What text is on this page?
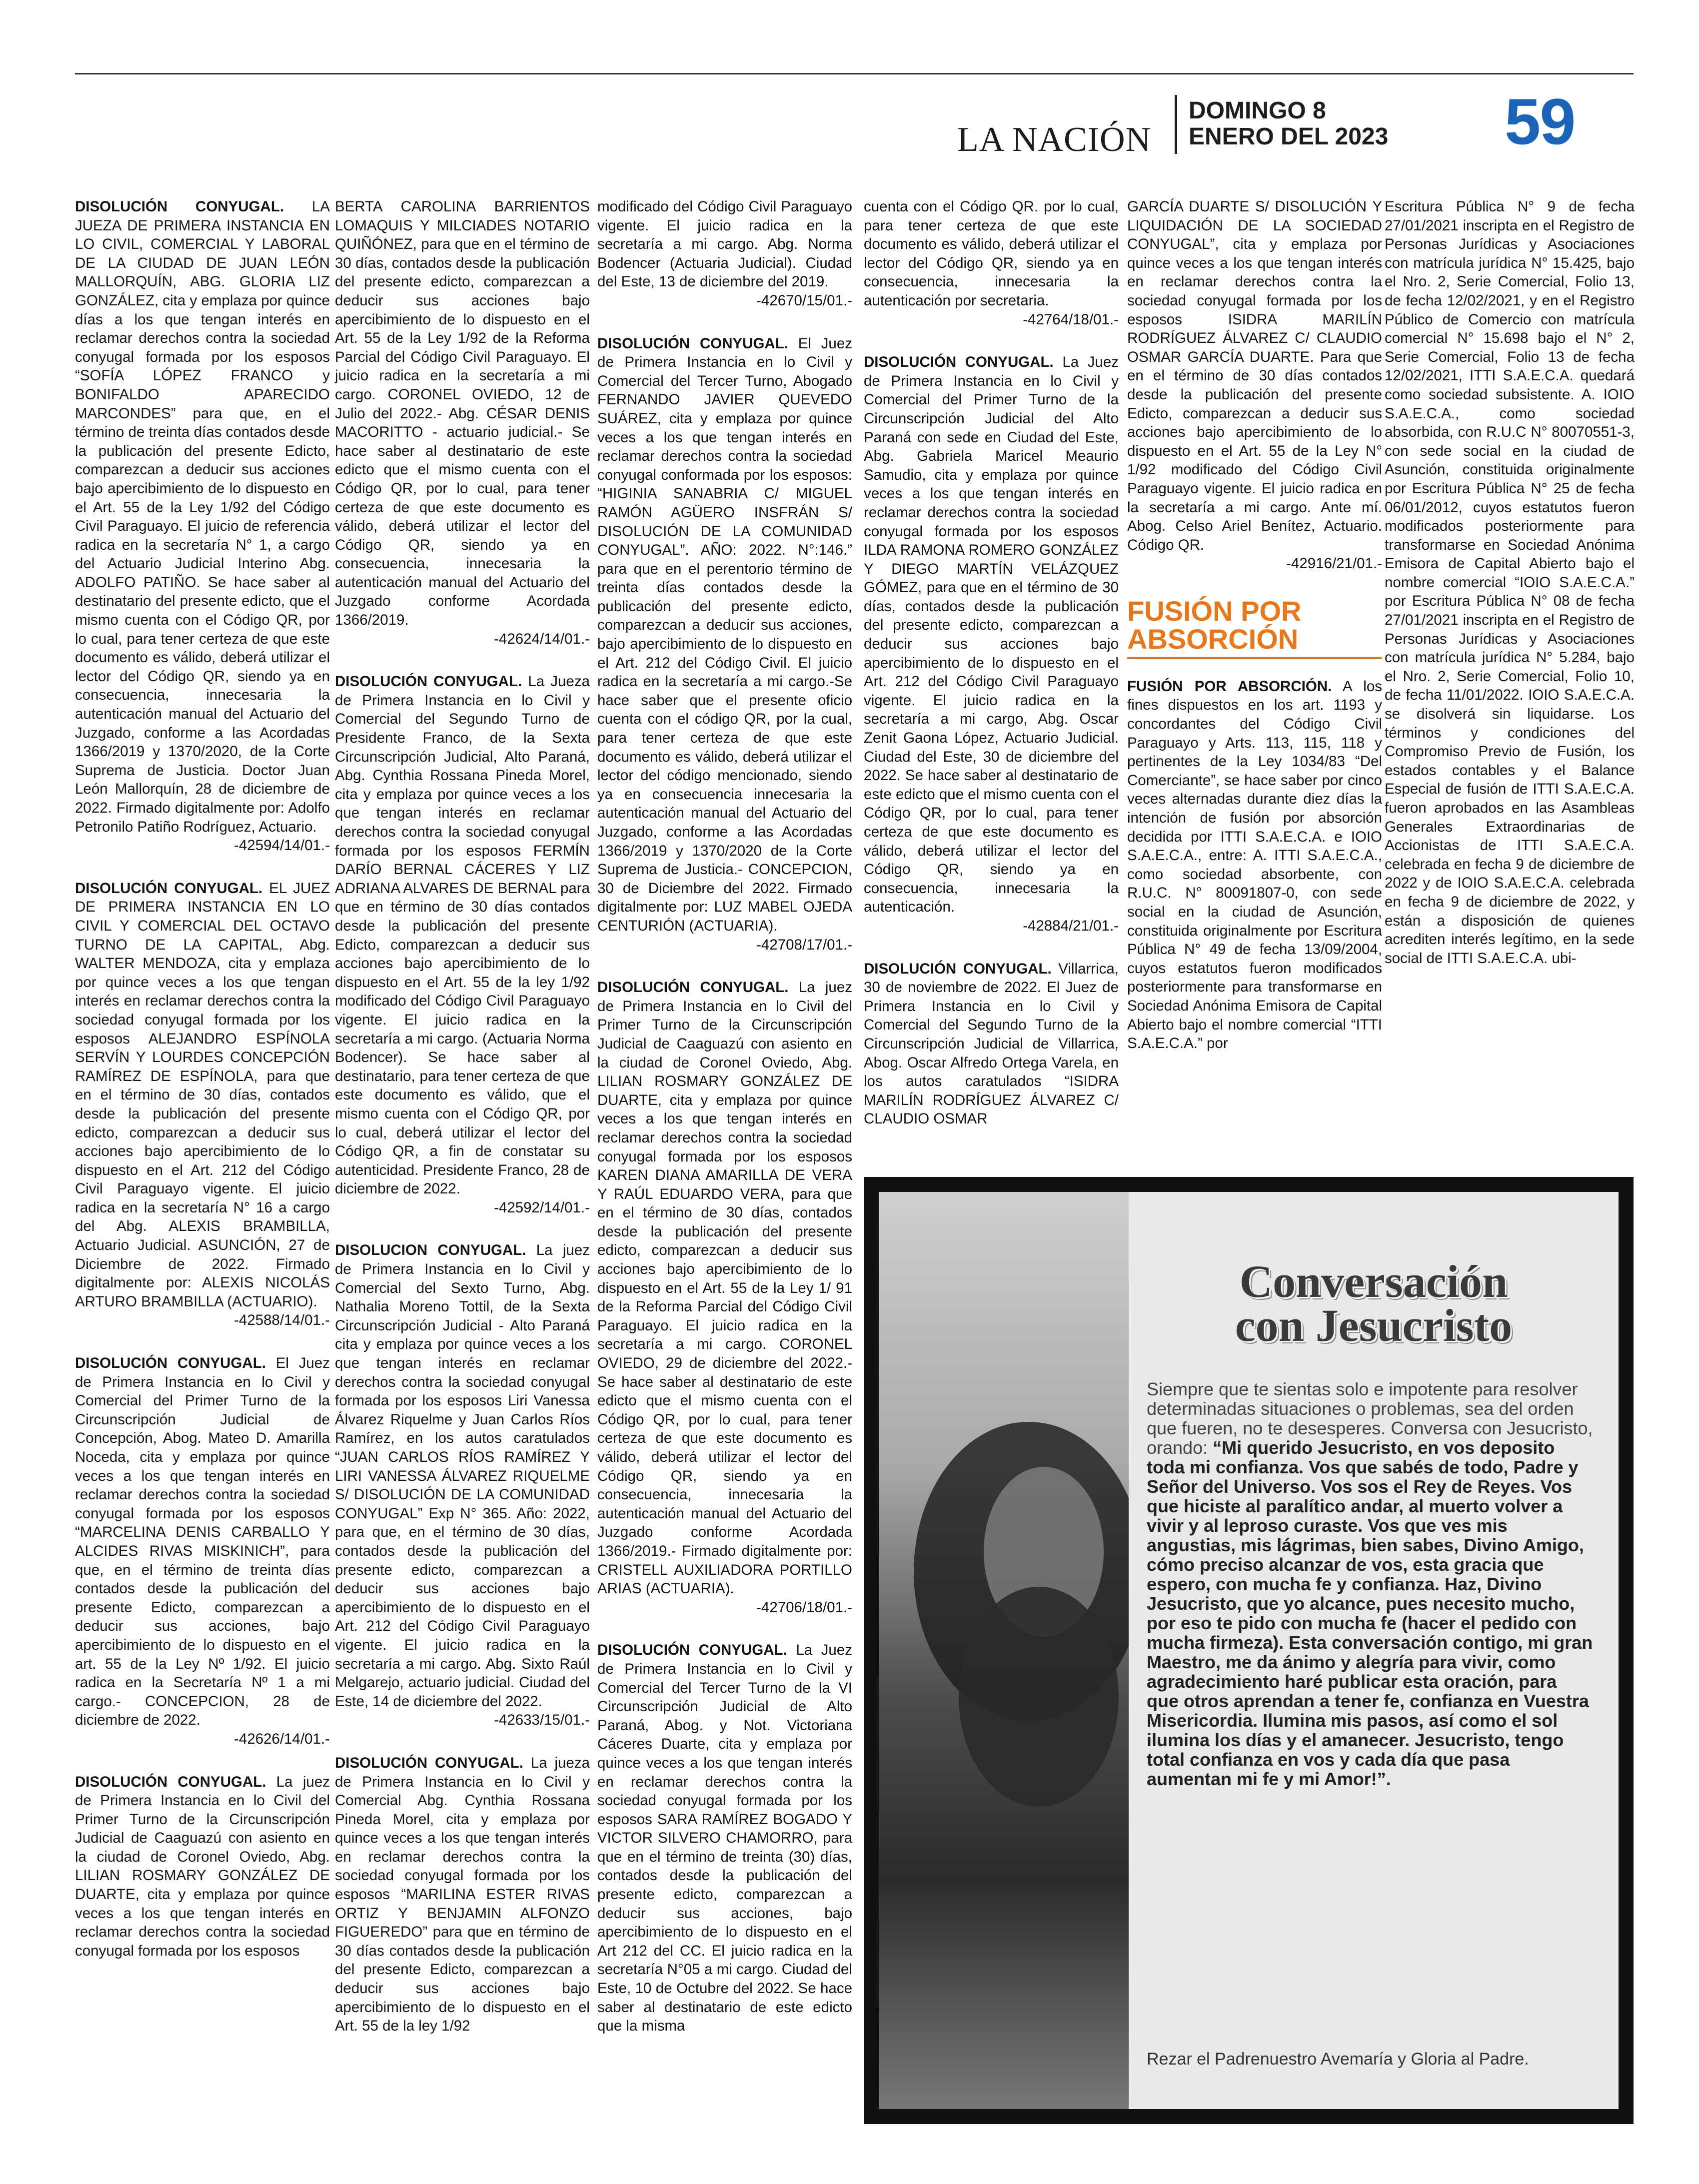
LA NACIÓN
DOMINGO 8
ENERO DEL 2023 59

DISOLUCIÓN CONYUGAL. LA JUEZA DE PRIMERA INSTANCIA EN LO CIVIL, COMERCIAL Y LABORAL DE LA CIUDAD DE JUAN LEÓN MALLORQUÍN, ABG. GLORIA LIZ GONZÁLEZ, cita y emplaza por quince días a los que tengan interés en reclamar derechos contra la sociedad conyugal formada por los esposos “SOFÍA LÓPEZ FRANCO y BONIFALDO APARECIDO MARCONDES” para que, en el término de treinta días contados desde la publicación del presente Edicto, comparezcan a deducir sus acciones bajo apercibimiento de lo dispuesto en el Art. 55 de la Ley 1/92 del Código Civil Paraguayo. El juicio de referencia radica en la secretaría N° 1, a cargo del Actuario Judicial Interino Abg. ADOLFO PATIÑO. Se hace saber al destinatario del presente edicto, que el mismo cuenta con el Código QR, por lo cual, para tener certeza de que este documento es válido, deberá utilizar el lector del Código QR, siendo ya en consecuencia, innecesaria la autenticación manual del Actuario del Juzgado, conforme a las Acordadas 1366/2019 y 1370/2020, de la Corte Suprema de Justicia. Doctor Juan León Mallorquín, 28 de diciembre de 2022. Firmado digitalmente por: Adolfo Petronilo Patiño Rodríguez, Actuario.

-42594/14/01.-

DISOLUCIÓN CONYUGAL. EL JUEZ DE PRIMERA INSTANCIA EN LO CIVIL Y COMERCIAL DEL OCTAVO TURNO DE LA CAPITAL, Abg. WALTER MENDOZA, cita y emplaza por quince veces a los que tengan interés en reclamar derechos contra la sociedad conyugal formada por los esposos ALEJANDRO ESPÍNOLA SERVÍN Y LOURDES CONCEPCIÓN RAMÍREZ DE ESPÍNOLA, para que en el término de 30 días, contados desde la publicación del presente edicto, comparezcan a deducir sus acciones bajo apercibimiento de lo dispuesto en el Art. 212 del Código Civil Paraguayo vigente. El juicio radica en la secretaría N° 16 a cargo del Abg. ALEXIS BRAMBILLA, Actuario Judicial. ASUNCIÓN, 27 de Diciembre de 2022. Firmado digitalmente por: ALEXIS NICOLÁS ARTURO BRAMBILLA (ACTUARIO).

-42588/14/01.-

DISOLUCIÓN CONYUGAL. El Juez de Primera Instancia en lo Civil y Comercial del Primer Turno de la Circunscripción Judicial de Concepción, Abog. Mateo D. Amarilla Noceda, cita y emplaza por quince veces a los que tengan interés en reclamar derechos contra la sociedad conyugal formada por los esposos “MARCELINA DENIS CARBALLO Y ALCIDES RIVAS MISKINICH”, para que, en el término de treinta días contados desde la publicación del presente Edicto, comparezcan a deducir sus acciones, bajo apercibimiento de lo dispuesto en el art. 55 de la Ley Nº 1/92. El juicio radica en la Secretaría Nº 1 a mi cargo.- CONCEPCION, 28 de diciembre de 2022.

-42626/14/01.-

DISOLUCIÓN CONYUGAL. La juez de Primera Instancia en lo Civil del Primer Turno de la Circunscripción Judicial de Caaguazú con asiento en la ciudad de Coronel Oviedo, Abg. LILIAN ROSMARY GONZÁLEZ DE DUARTE, cita y emplaza por quince veces a los que tengan interés en reclamar derechos contra la sociedad conyugal formada por los esposos

BERTA CAROLINA BARRIENTOS LOMAQUIS Y MILCIADES NOTARIO QUIÑÓNEZ, para que en el término de 30 días, contados desde la publicación del presente edicto, comparezcan a deducir sus acciones bajo apercibimiento de lo dispuesto en el Art. 55 de la Ley 1/92 de la Reforma Parcial del Código Civil Paraguayo. El juicio radica en la secretaría a mi cargo. CORONEL OVIEDO, 12 de Julio del 2022.- Abg. CÉSAR DENIS MACORITTO - actuario judicial.- Se hace saber al destinatario de este edicto que el mismo cuenta con el Código QR, por lo cual, para tener certeza de que este documento es válido, deberá utilizar el lector del Código QR, siendo ya en consecuencia, innecesaria la autenticación manual del Actuario del Juzgado conforme Acordada 1366/2019.

-42624/14/01.-

DISOLUCIÓN CONYUGAL. La Jueza de Primera Instancia en lo Civil y Comercial del Segundo Turno de Presidente Franco, de la Sexta Circunscripción Judicial, Alto Paraná, Abg. Cynthia Rossana Pineda Morel, cita y emplaza por quince veces a los que tengan interés en reclamar derechos contra la sociedad conyugal formada por los esposos FERMÍN DARÍO BERNAL CÁCERES Y LIZ ADRIANA ALVARES DE BERNAL para que en término de 30 días contados desde la publicación del presente Edicto, comparezcan a deducir sus acciones bajo apercibimiento de lo dispuesto en el Art. 55 de la ley 1/92 modificado del Código Civil Paraguayo vigente. El juicio radica en la secretaría a mi cargo. (Actuaria Norma Bodencer). Se hace saber al destinatario, para tener certeza de que este documento es válido, que el mismo cuenta con el Código QR, por lo cual, deberá utilizar el lector del Código QR, a fin de constatar su autenticidad. Presidente Franco, 28 de diciembre de 2022.

-42592/14/01.-

DISOLUCION CONYUGAL. La juez de Primera Instancia en lo Civil y Comercial del Sexto Turno, Abg. Nathalia Moreno Tottil, de la Sexta Circunscripción Judicial - Alto Paraná cita y emplaza por quince veces a los que tengan interés en reclamar derechos contra la sociedad conyugal formada por los esposos Liri Vanessa Álvarez Riquelme y Juan Carlos Ríos Ramírez, en los autos caratulados “JUAN CARLOS RÍOS RAMÍREZ Y LIRI VANESSA ÁLVAREZ RIQUELME S/ DISOLUCIÓN DE LA COMUNIDAD CONYUGAL” Exp N° 365. Año: 2022, para que, en el término de 30 días, contados desde la publicación del presente edicto, comparezcan a deducir sus acciones bajo apercibimiento de lo dispuesto en el Art. 212 del Código Civil Paraguayo vigente. El juicio radica en la secretaría a mi cargo. Abg. Sixto Raúl Melgarejo, actuario judicial. Ciudad del Este, 14 de diciembre del 2022.

-42633/15/01.-

DISOLUCIÓN CONYUGAL. La jueza de Primera Instancia en lo Civil y Comercial Abg. Cynthia Rossana Pineda Morel, cita y emplaza por quince veces a los que tengan interés en reclamar derechos contra la sociedad conyugal formada por los esposos “MARILINA ESTER RIVAS ORTIZ Y BENJAMIN ALFONZO FIGUEREDO” para que en término de 30 días contados desde la publicación del presente Edicto, comparezcan a deducir sus acciones bajo apercibimiento de lo dispuesto en el Art. 55 de la ley 1/92

modificado del Código Civil Paraguayo vigente. El juicio radica en la secretaría a mi cargo. Abg. Norma Bodencer (Actuaria Judicial). Ciudad del Este, 13 de diciembre del 2019.

-42670/15/01.-

DISOLUCIÓN CONYUGAL. El Juez de Primera Instancia en lo Civil y Comercial del Tercer Turno, Abogado FERNANDO JAVIER QUEVEDO SUÁREZ, cita y emplaza por quince veces a los que tengan interés en reclamar derechos contra la sociedad conyugal conformada por los esposos: “HIGINIA SANABRIA C/ MIGUEL RAMÓN AGÜERO INSFRÁN S/ DISOLUCIÓN DE LA COMUNIDAD CONYUGAL”. AÑO: 2022. N°:146.” para que en el perentorio término de treinta días contados desde la publicación del presente edicto, comparezcan a deducir sus acciones, bajo apercibimiento de lo dispuesto en el Art. 212 del Código Civil. El juicio radica en la secretaría a mi cargo.-Se hace saber que el presente oficio cuenta con el código QR, por la cual, para tener certeza de que este documento es válido, deberá utilizar el lector del código mencionado, siendo ya en consecuencia innecesaria la autenticación manual del Actuario del Juzgado, conforme a las Acordadas 1366/2019 y 1370/2020 de la Corte Suprema de Justicia.- CONCEPCION, 30 de Diciembre del 2022. Firmado digitalmente por: LUZ MABEL OJEDA CENTURIÓN (ACTUARIA).

-42708/17/01.-

DISOLUCIÓN CONYUGAL. La juez de Primera Instancia en lo Civil del Primer Turno de la Circunscripción Judicial de Caaguazú con asiento en la ciudad de Coronel Oviedo, Abg. LILIAN ROSMARY GONZÁLEZ DE DUARTE, cita y emplaza por quince veces a los que tengan interés en reclamar derechos contra la sociedad conyugal formada por los esposos KAREN DIANA AMARILLA DE VERA Y RAÚL EDUARDO VERA, para que en el término de 30 días, contados desde la publicación del presente edicto, comparezcan a deducir sus acciones bajo apercibimiento de lo dispuesto en el Art. 55 de la Ley 1/ 91 de la Reforma Parcial del Código Civil Paraguayo. El juicio radica en la secretaría a mi cargo. CORONEL OVIEDO, 29 de diciembre del 2022.- Se hace saber al destinatario de este edicto que el mismo cuenta con el Código QR, por lo cual, para tener certeza de que este documento es válido, deberá utilizar el lector del Código QR, siendo ya en consecuencia, innecesaria la autenticación manual del Actuario del Juzgado conforme Acordada 1366/2019.- Firmado digitalmente por: CRISTELL AUXILIADORA PORTILLO ARIAS (ACTUARIA).

-42706/18/01.-

DISOLUCIÓN CONYUGAL. La Juez de Primera Instancia en lo Civil y Comercial del Tercer Turno de la VI Circunscripción Judicial de Alto Paraná, Abog. y Not. Victoriana Cáceres Duarte, cita y emplaza por quince veces a los que tengan interés en reclamar derechos contra la sociedad conyugal formada por los esposos SARA RAMÍREZ BOGADO Y VICTOR SILVERO CHAMORRO, para que en el término de treinta (30) días, contados desde la publicación del presente edicto, comparezcan a deducir sus acciones, bajo apercibimiento de lo dispuesto en el Art 212 del CC. El juicio radica en la secretaría N°05 a mi cargo. Ciudad del Este, 10 de Octubre del 2022. Se hace saber al destinatario de este edicto que la misma

cuenta con el Código QR. por lo cual, para tener certeza de que este documento es válido, deberá utilizar el lector del Código QR, siendo ya en consecuencia, innecesaria la autenticación por secretaria.

-42764/18/01.-

DISOLUCIÓN CONYUGAL. La Juez de Primera Instancia en lo Civil y Comercial del Primer Turno de la Circunscripción Judicial del Alto Paraná con sede en Ciudad del Este, Abg. Gabriela Maricel Meaurio Samudio, cita y emplaza por quince veces a los que tengan interés en reclamar derechos contra la sociedad conyugal formada por los esposos ILDA RAMONA ROMERO GONZÁLEZ Y DIEGO MARTÍN VELÁZQUEZ GÓMEZ, para que en el término de 30 días, contados desde la publicación del presente edicto, comparezcan a deducir sus acciones bajo apercibimiento de lo dispuesto en el Art. 212 del Código Civil Paraguayo vigente. El juicio radica en la secretaría a mi cargo, Abg. Oscar Zenit Gaona López, Actuario Judicial. Ciudad del Este, 30 de diciembre del 2022. Se hace saber al destinatario de este edicto que el mismo cuenta con el Código QR, por lo cual, para tener certeza de que este documento es válido, deberá utilizar el lector del Código QR, siendo ya en consecuencia, innecesaria la autenticación.

-42884/21/01.-

DISOLUCIÓN CONYUGAL. Villarrica, 30 de noviembre de 2022. El Juez de Primera Instancia en lo Civil y Comercial del Segundo Turno de la Circunscripción Judicial de Villarrica, Abog. Oscar Alfredo Ortega Varela, en los autos caratulados “ISIDRA MARILÍN RODRÍGUEZ ÁLVAREZ C/ CLAUDIO OSMAR

GARCÍA DUARTE S/ DISOLUCIÓN Y LIQUIDACIÓN DE LA SOCIEDAD CONYUGAL”, cita y emplaza por quince veces a los que tengan interés en reclamar derechos contra la sociedad conyugal formada por los esposos ISIDRA MARILÍN RODRÍGUEZ ÁLVAREZ C/ CLAUDIO OSMAR GARCÍA DUARTE. Para que en el término de 30 días contados desde la publicación del presente Edicto, comparezcan a deducir sus acciones bajo apercibimiento de lo dispuesto en el Art. 55 de la Ley N° 1/92 modificado del Código Civil Paraguayo vigente. El juicio radica en la secretaría a mi cargo. Ante mí. Abog. Celso Ariel Benítez, Actuario. Código QR.

-42916/21/01.-
FUSIÓN POR
ABSORCIÓN

FUSIÓN POR ABSORCIÓN. A los fines dispuestos en los art. 1193 y concordantes del Código Civil Paraguayo y Arts. 113, 115, 118 y pertinentes de la Ley 1034/83 “Del Comerciante”, se hace saber por cinco veces alternadas durante diez días la intención de fusión por absorción decidida por ITTI S.A.E.C.A. e IOIO S.A.E.C.A., entre: A. ITTI S.A.E.C.A., como sociedad absorbente, con R.U.C. N° 80091807-0, con sede social en la ciudad de Asunción, constituida originalmente por Escritura Pública N° 49 de fecha 13/09/2004, cuyos estatutos fueron modificados posteriormente para transformarse en Sociedad Anónima Emisora de Capital Abierto bajo el nombre comercial “ITTI S.A.E.C.A.” por

Escritura Pública N° 9 de fecha 27/01/2021 inscripta en el Registro de Personas Jurídicas y Asociaciones con matrícula jurídica N° 15.425, bajo el Nro. 2, Serie Comercial, Folio 13, de fecha 12/02/2021, y en el Registro Público de Comercio con matrícula comercial N° 15.698 bajo el N° 2, Serie Comercial, Folio 13 de fecha 12/02/2021, ITTI S.A.E.C.A. quedará como sociedad subsistente. A. IOIO S.A.E.C.A., como sociedad absorbida, con R.U.C N° 80070551-3, con sede social en la ciudad de Asunción, constituida originalmente por Escritura Pública N° 25 de fecha 06/01/2012, cuyos estatutos fueron modificados posteriormente para transformarse en Sociedad Anónima Emisora de Capital Abierto bajo el nombre comercial “IOIO S.A.E.C.A.” por Escritura Pública N° 08 de fecha 27/01/2021 inscripta en el Registro de Personas Jurídicas y Asociaciones con matrícula jurídica N° 5.284, bajo el Nro. 2, Serie Comercial, Folio 10, de fecha 11/01/2022. IOIO S.A.E.C.A. se disolverá sin liquidarse. Los términos y condiciones del Compromiso Previo de Fusión, los estados contables y el Balance Especial de fusión de ITTI S.A.E.C.A. fueron aprobados en las Asambleas Generales Extraordinarias de Accionistas de ITTI S.A.E.C.A. celebrada en fecha 9 de diciembre de 2022 y de IOIO S.A.E.C.A. celebrada en fecha 9 de diciembre de 2022, y están a disposición de quienes acrediten interés legítimo, en la sede social de ITTI S.A.E.C.A. ubi-

Conversación
con Jesucristo
Siempre que te sientas solo e impotente para resolver determinadas situaciones o problemas, sea del orden que fueren, no te desesperes. Conversa con Jesucristo, orando: “Mi querido Jesucristo, en vos deposito toda mi confianza. Vos que sabés de todo, Padre y Señor del Universo. Vos sos el Rey de Reyes. Vos que hiciste al paralítico andar, al muerto volver a vivir y al leproso curaste. Vos que ves mis angustias, mis lágrimas, bien sabes, Divino Amigo, cómo preciso alcanzar de vos, esta gracia que espero, con mucha fe y confianza. Haz, Divino Jesucristo, que yo alcance, pues necesito mucho, por eso te pido con mucha fe (hacer el pedido con mucha firmeza). Esta conversación contigo, mi gran Maestro, me da ánimo y alegría para vivir, como agradecimiento haré publicar esta oración, para que otros aprendan a tener fe, confianza en Vuestra Misericordia. Ilumina mis pasos, así como el sol ilumina los días y el amanecer. Jesucristo, tengo total confianza en vos y cada día que pasa aumentan mi fe y mi Amor!”.
Rezar el Padrenuestro Avemaría y Gloria al Padre.
